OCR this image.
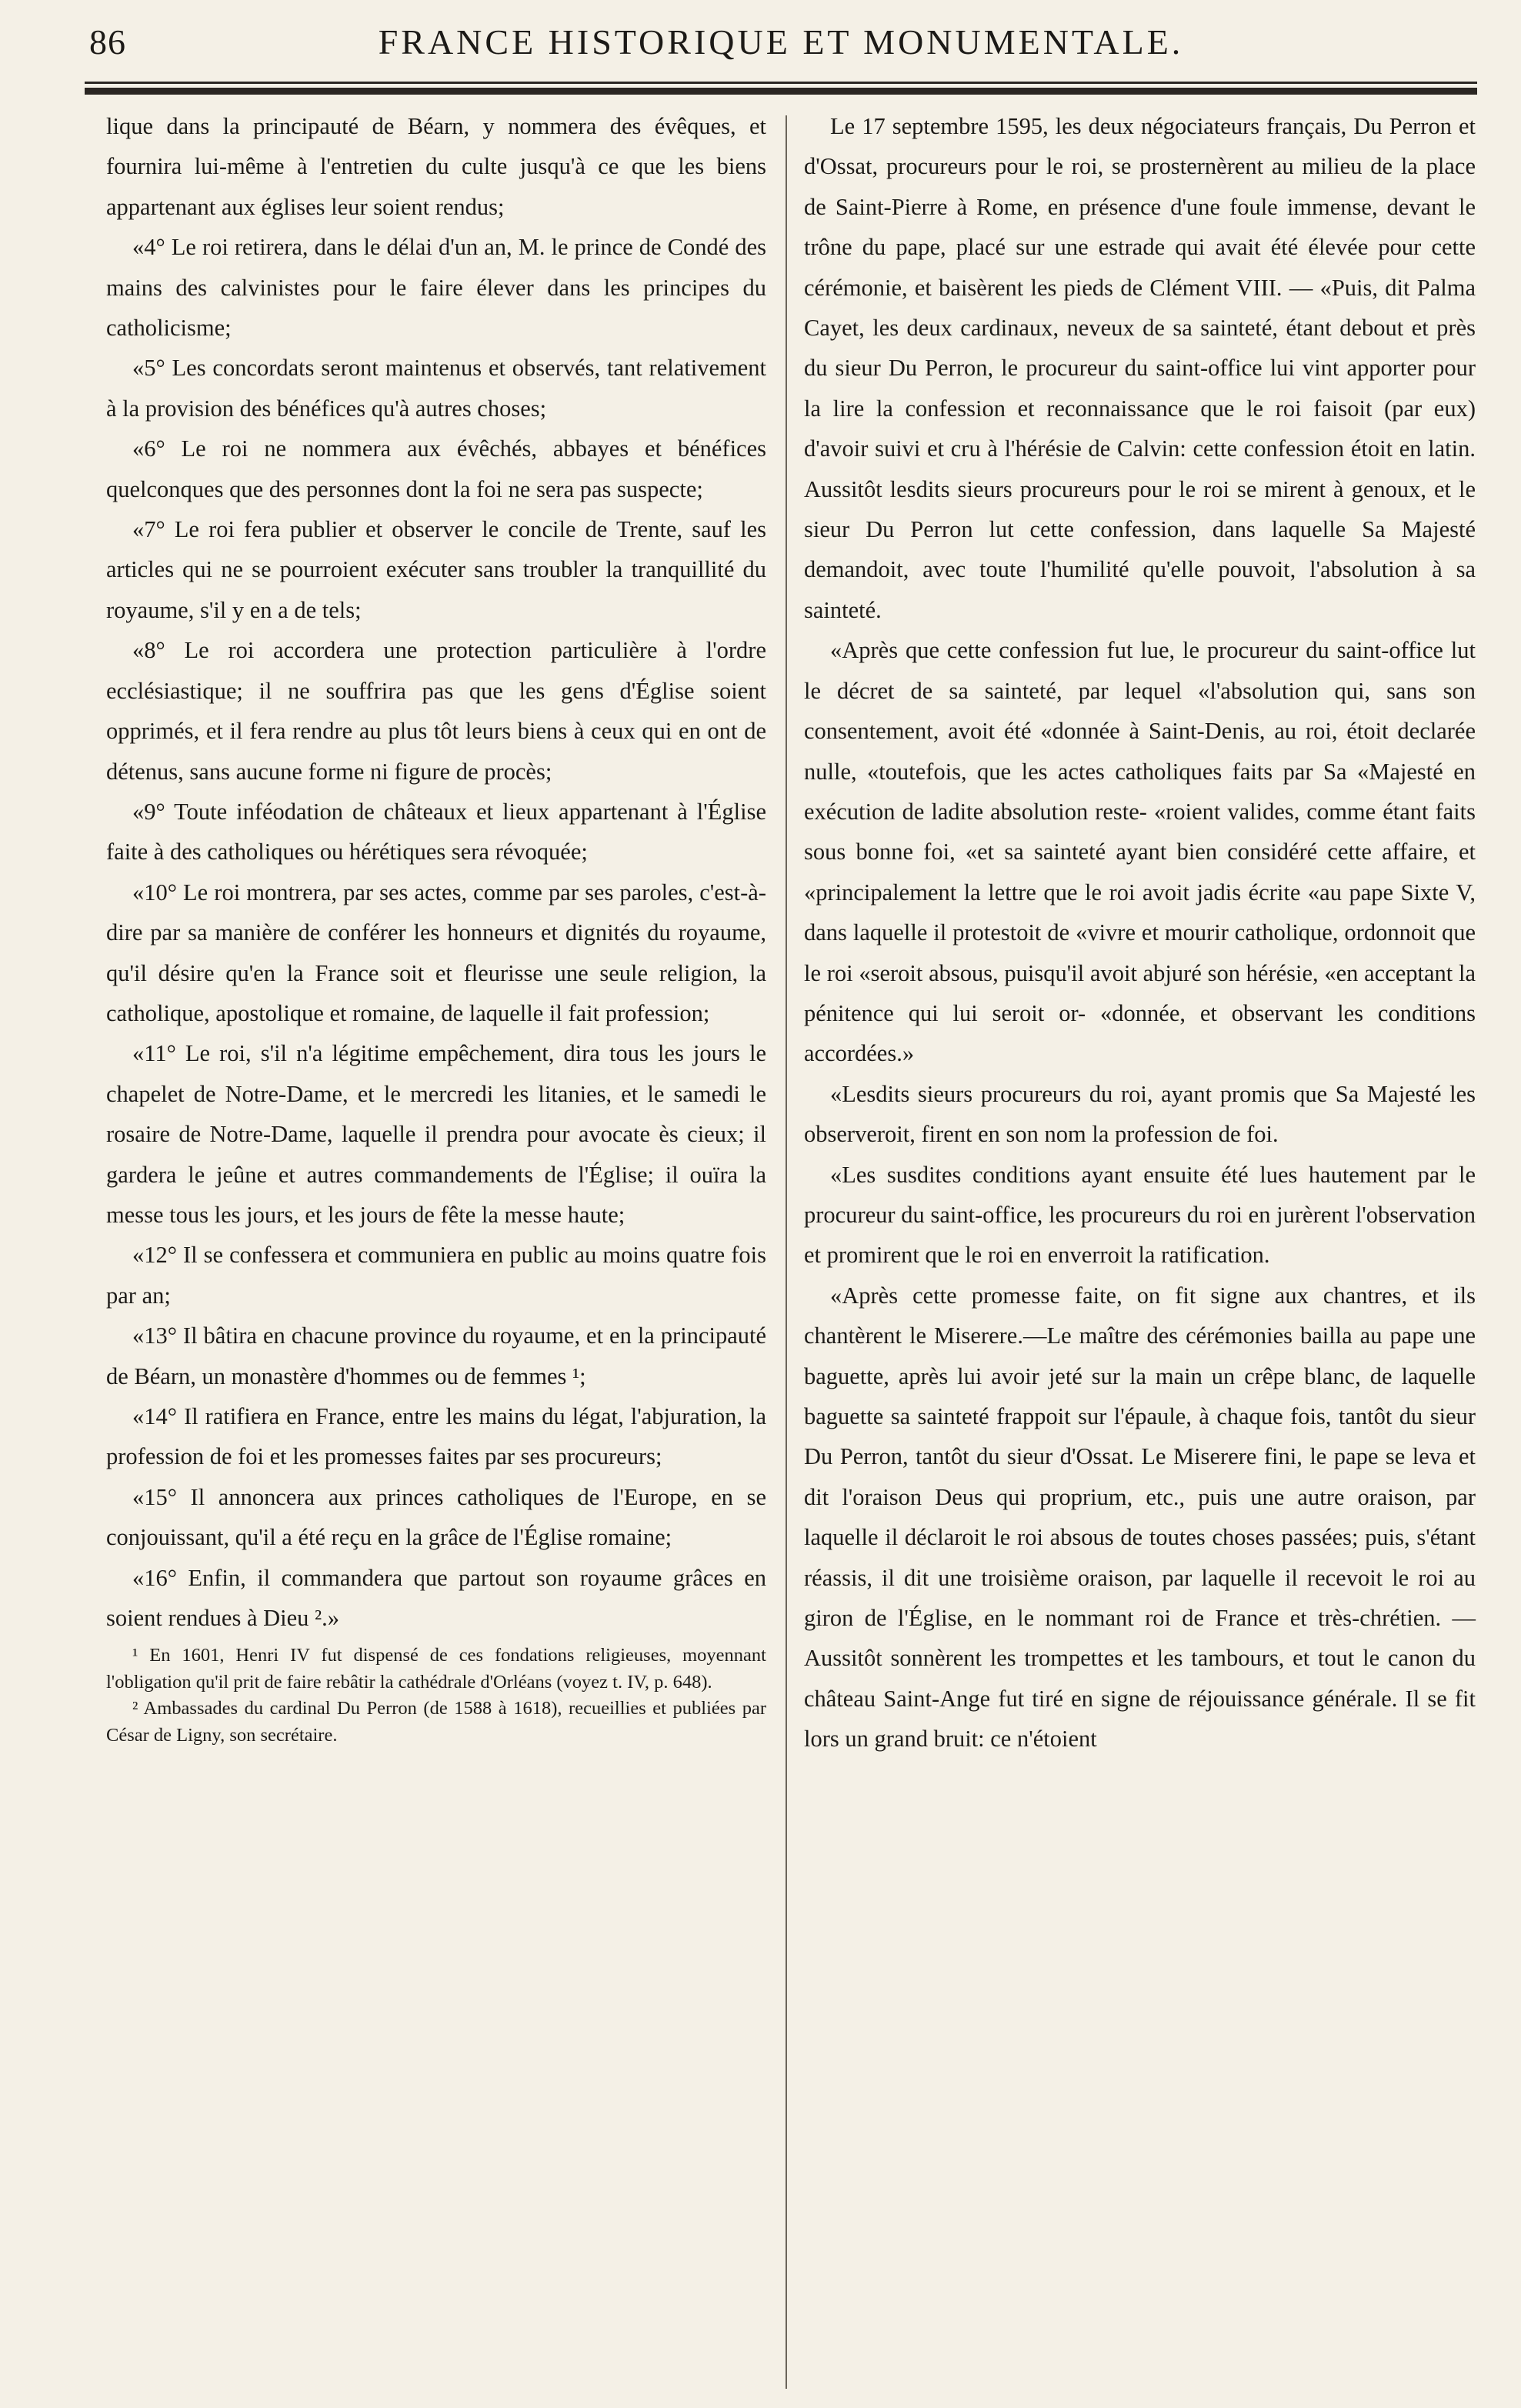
86	FRANCE HISTORIQUE ET MONUMENTALE.

lique dans la principauté de Béarn, y nommera des évêques, et fournira lui-même à l'entretien du culte jusqu'à ce que les biens appartenant aux églises leur soient rendus;

«4° Le roi retirera, dans le délai d'un an, M. le prince de Condé des mains des calvinistes pour le faire élever dans les principes du catholicisme;

«5° Les concordats seront maintenus et observés, tant relativement à la provision des bénéfices qu'à autres choses;

«6° Le roi ne nommera aux évêchés, abbayes et bénéfices quelconques que des personnes dont la foi ne sera pas suspecte;

«7° Le roi fera publier et observer le concile de Trente, sauf les articles qui ne se pourroient exécuter sans troubler la tranquillité du royaume, s'il y en a de tels;

«8° Le roi accordera une protection particulière à l'ordre ecclésiastique; il ne souffrira pas que les gens d'Église soient opprimés, et il fera rendre au plus tôt leurs biens à ceux qui en ont de détenus, sans aucune forme ni figure de procès;

«9° Toute inféodation de châteaux et lieux appartenant à l'Église faite à des catholiques ou hérétiques sera révoquée;

«10° Le roi montrera, par ses actes, comme par ses paroles, c'est-à-dire par sa manière de conférer les honneurs et dignités du royaume, qu'il désire qu'en la France soit et fleurisse une seule religion, la catholique, apostolique et romaine, de laquelle il fait profession;

«11° Le roi, s'il n'a légitime empêchement, dira tous les jours le chapelet de Notre-Dame, et le mercredi les litanies, et le samedi le rosaire de Notre-Dame, laquelle il prendra pour avocate ès cieux; il gardera le jeûne et autres commandements de l'Église; il ouïra la messe tous les jours, et les jours de fête la messe haute;

«12° Il se confessera et communiera en public au moins quatre fois par an;

«13° Il bâtira en chacune province du royaume, et en la principauté de Béarn, un monastère d'hommes ou de femmes ¹;

«14° Il ratifiera en France, entre les mains du légat, l'abjuration, la profession de foi et les promesses faites par ses procureurs;

«15° Il annoncera aux princes catholiques de l'Europe, en se conjouissant, qu'il a été reçu en la grâce de l'Église romaine;

«16° Enfin, il commandera que partout son royaume grâces en soient rendues à Dieu ².»

¹ En 1601, Henri IV fut dispensé de ces fondations religieuses, moyennant l'obligation qu'il prit de faire rebâtir la cathédrale d'Orléans (voyez t. IV, p. 648).

² Ambassades du cardinal Du Perron (de 1588 à 1618), recueillies et publiées par César de Ligny, son secrétaire.

Le 17 septembre 1595, les deux négociateurs français, Du Perron et d'Ossat, procureurs pour le roi, se prosternèrent au milieu de la place de Saint-Pierre à Rome, en présence d'une foule immense, devant le trône du pape, placé sur une estrade qui avait été élevée pour cette cérémonie, et baisèrent les pieds de Clément VIII. — «Puis, dit Palma Cayet, les deux cardinaux, neveux de sa sainteté, étant debout et près du sieur Du Perron, le procureur du saint-office lui vint apporter pour la lire la confession et reconnaissance que le roi faisoit (par eux) d'avoir suivi et cru à l'hérésie de Calvin: cette confession étoit en latin. Aussitôt lesdits sieurs procureurs pour le roi se mirent à genoux, et le sieur Du Perron lut cette confession, dans laquelle Sa Majesté demandoit, avec toute l'humilité qu'elle pouvoit, l'absolution à sa sainteté.

«Après que cette confession fut lue, le procureur du saint-office lut le décret de sa sainteté, par lequel «l'absolution qui, sans son consentement, avoit été «donnée à Saint-Denis, au roi, étoit declarée nulle, «toutefois, que les actes catholiques faits par Sa «Majesté en exécution de ladite absolution reste- «roient valides, comme étant faits sous bonne foi, «et sa sainteté ayant bien considéré cette affaire, et «principalement la lettre que le roi avoit jadis écrite «au pape Sixte V, dans laquelle il protestoit de «vivre et mourir catholique, ordonnoit que le roi «seroit absous, puisqu'il avoit abjuré son hérésie, «en acceptant la pénitence qui lui seroit or- «donnée, et observant les conditions accordées.»

«Lesdits sieurs procureurs du roi, ayant promis que Sa Majesté les observeroit, firent en son nom la profession de foi.

«Les susdites conditions ayant ensuite été lues hautement par le procureur du saint-office, les procureurs du roi en jurèrent l'observation et promirent que le roi en enverroit la ratification.

«Après cette promesse faite, on fit signe aux chantres, et ils chantèrent le Miserere.—Le maître des cérémonies bailla au pape une baguette, après lui avoir jeté sur la main un crêpe blanc, de laquelle baguette sa sainteté frappoit sur l'épaule, à chaque fois, tantôt du sieur Du Perron, tantôt du sieur d'Ossat. Le Miserere fini, le pape se leva et dit l'oraison Deus qui proprium, etc., puis une autre oraison, par laquelle il déclaroit le roi absous de toutes choses passées; puis, s'étant réassis, il dit une troisième oraison, par laquelle il recevoit le roi au giron de l'Église, en le nommant roi de France et très-chrétien. — Aussitôt sonnèrent les trompettes et les tambours, et tout le canon du château Saint-Ange fut tiré en signe de réjouissance générale. Il se fit lors un grand bruit: ce n'étoient
